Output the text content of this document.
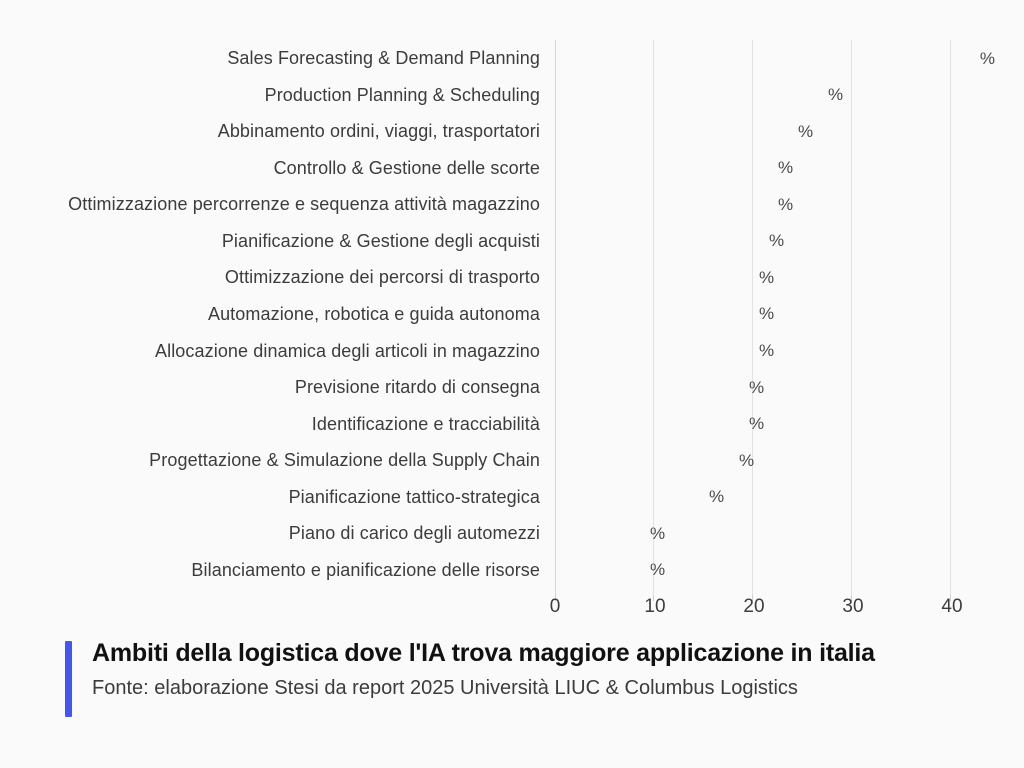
Sales Forecasting & Demand Planning
Production Planning & Scheduling
Abbinamento ordini, viaggi, trasportatori
Controllo & Gestione delle scorte
Ottimizzazione percorrenze e sequenza attività magazzino
Pianificazione & Gestione degli acquisti
Ottimizzazione dei percorsi di trasporto
Automazione, robotica e guida autonoma
Allocazione dinamica degli articoli in magazzino
Previsione ritardo di consegna
Identificazione e tracciabilità
Progettazione & Simulazione della Supply Chain
Pianificazione tattico-strategica
Piano di carico degli automezzi
Bilanciamento e pianificazione delle risorse
%
%
%
%
%
%
%
%
%
%
%
%
%
%
%
0	10	20	30	40
Ambiti della logistica dove l'IA trova maggiore applicazione in italia
Fonte: elaborazione Stesi da report 2025 Università LIUC & Columbus Logistics
